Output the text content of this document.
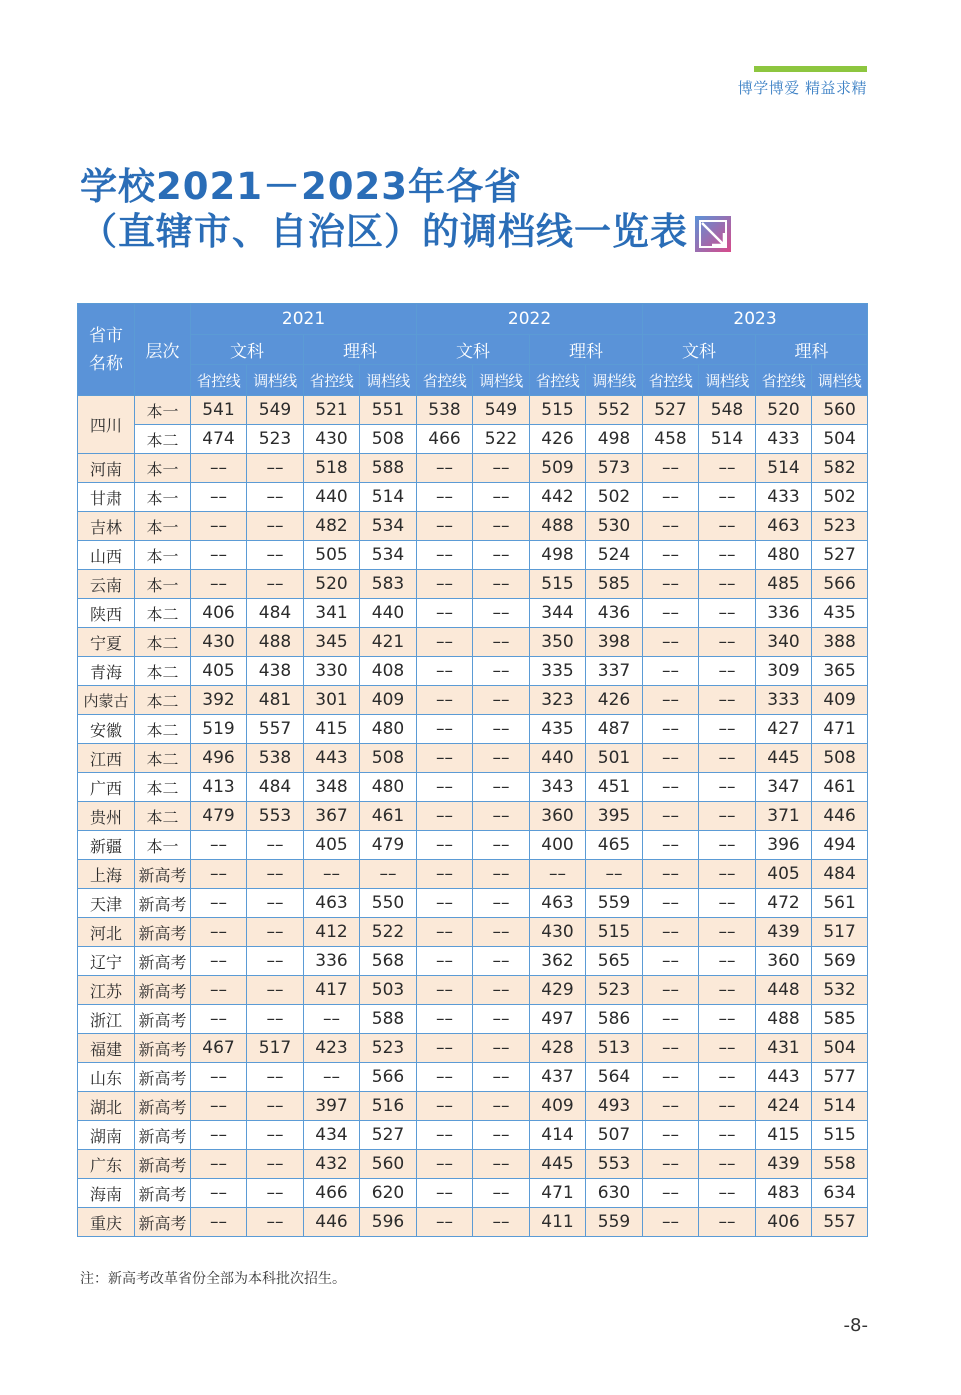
博学博爱 精益求精
学校2021－2023年各省
（直辖市、自治区）的调档线一览表
省市
名称	层次	2021				2022				2023			
		文科		理科		文科		理科		文科		理科	
		省控线	调档线	省控线	调档线	省控线	调档线	省控线	调档线	省控线	调档线	省控线	调档线
四川	本一	541	549	521	551	538	549	515	552	527	548	520	560
	本二	474	523	430	508	466	522	426	498	458	514	433	504
河南	本一	––	––	518	588	––	––	509	573	––	––	514	582
甘肃	本一	––	––	440	514	––	––	442	502	––	––	433	502
吉林	本一	––	––	482	534	––	––	488	530	––	––	463	523
山西	本一	––	––	505	534	––	––	498	524	––	––	480	527
云南	本一	––	––	520	583	––	––	515	585	––	––	485	566
陕西	本二	406	484	341	440	––	––	344	436	––	––	336	435
宁夏	本二	430	488	345	421	––	––	350	398	––	––	340	388
青海	本二	405	438	330	408	––	––	335	337	––	––	309	365
内蒙古	本二	392	481	301	409	––	––	323	426	––	––	333	409
安徽	本二	519	557	415	480	––	––	435	487	––	––	427	471
江西	本二	496	538	443	508	––	––	440	501	––	––	445	508
广西	本二	413	484	348	480	––	––	343	451	––	––	347	461
贵州	本二	479	553	367	461	––	––	360	395	––	––	371	446
新疆	本一	––	––	405	479	––	––	400	465	––	––	396	494
上海	新高考	––	––	––	––	––	––	––	––	––	––	405	484
天津	新高考	––	––	463	550	––	––	463	559	––	––	472	561
河北	新高考	––	––	412	522	––	––	430	515	––	––	439	517
辽宁	新高考	––	––	336	568	––	––	362	565	––	––	360	569
江苏	新高考	––	––	417	503	––	––	429	523	––	––	448	532
浙江	新高考	––	––	––	588	––	––	497	586	––	––	488	585
福建	新高考	467	517	423	523	––	––	428	513	––	––	431	504
山东	新高考	––	––	––	566	––	––	437	564	––	––	443	577
湖北	新高考	––	––	397	516	––	––	409	493	––	––	424	514
湖南	新高考	––	––	434	527	––	––	414	507	––	––	415	515
广东	新高考	––	––	432	560	––	––	445	553	––	––	439	558
海南	新高考	––	––	466	620	––	––	471	630	––	––	483	634
重庆	新高考	––	––	446	596	––	––	411	559	––	––	406	557
注：新高考改革省份全部为本科批次招生。
-8-
